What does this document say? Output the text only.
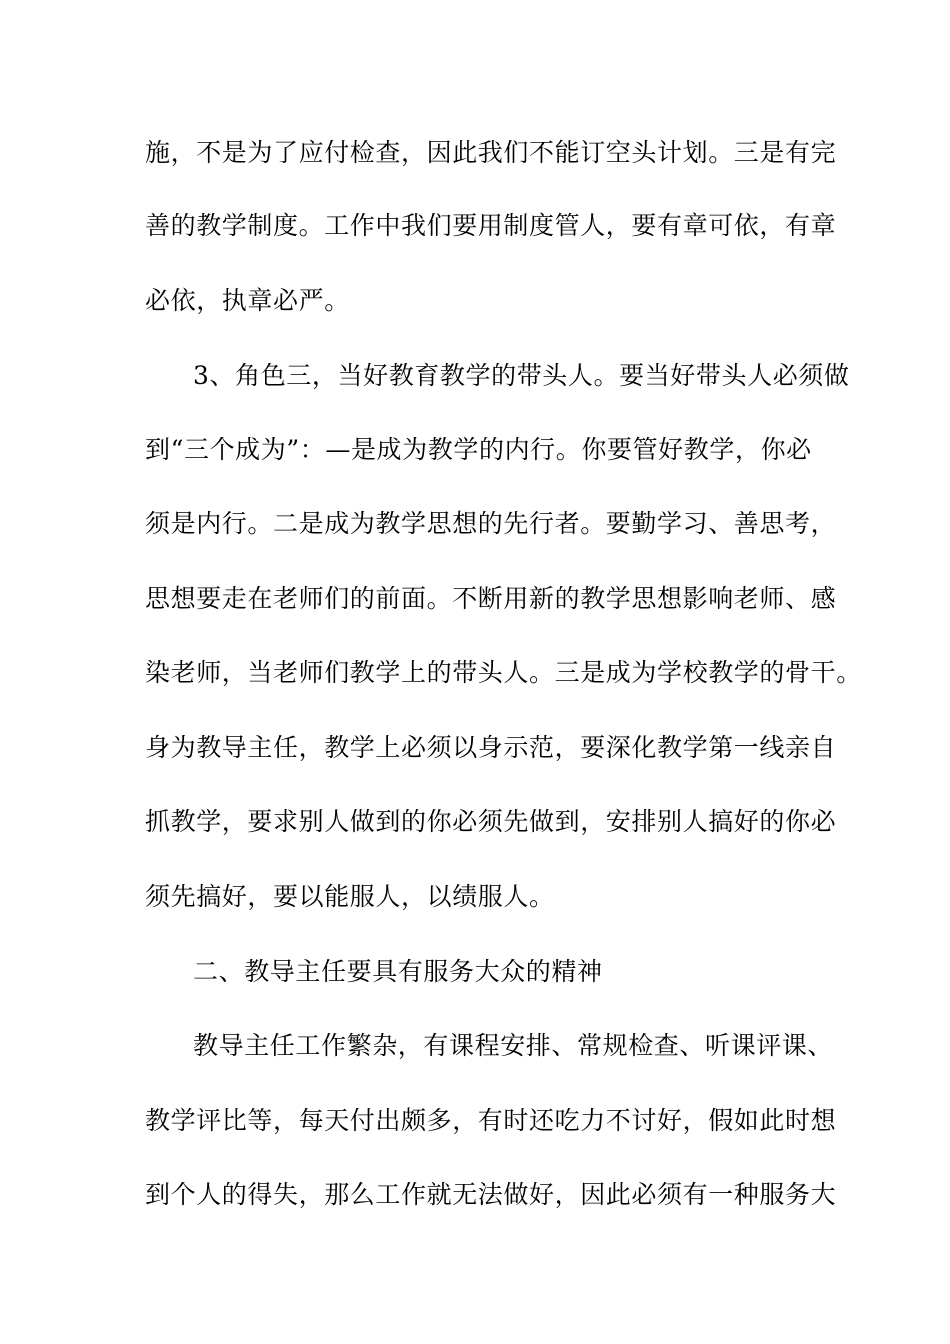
施，不是为了应付检查，因此我们不能订空头计划。三是有完
善的教学制度。工作中我们要用制度管人，要有章可依，有章
必依，执章必严。
3、角色三，当好教育教学的带头人。要当好带头人必须做
到“三个成为”：—是成为教学的内行。你要管好教学，你必
须是内行。二是成为教学思想的先行者。要勤学习、善思考，
思想要走在老师们的前面。不断用新的教学思想影响老师、感
染老师，当老师们教学上的带头人。三是成为学校教学的骨干。
身为教导主任，教学上必须以身示范，要深化教学第一线亲自
抓教学，要求别人做到的你必须先做到，安排别人搞好的你必
须先搞好，要以能服人，以绩服人。
二、教导主任要具有服务大众的精神
教导主任工作繁杂，有课程安排、常规检查、听课评课、
教学评比等，每天付出颇多，有时还吃力不讨好，假如此时想
到个人的得失，那么工作就无法做好，因此必须有一种服务大
